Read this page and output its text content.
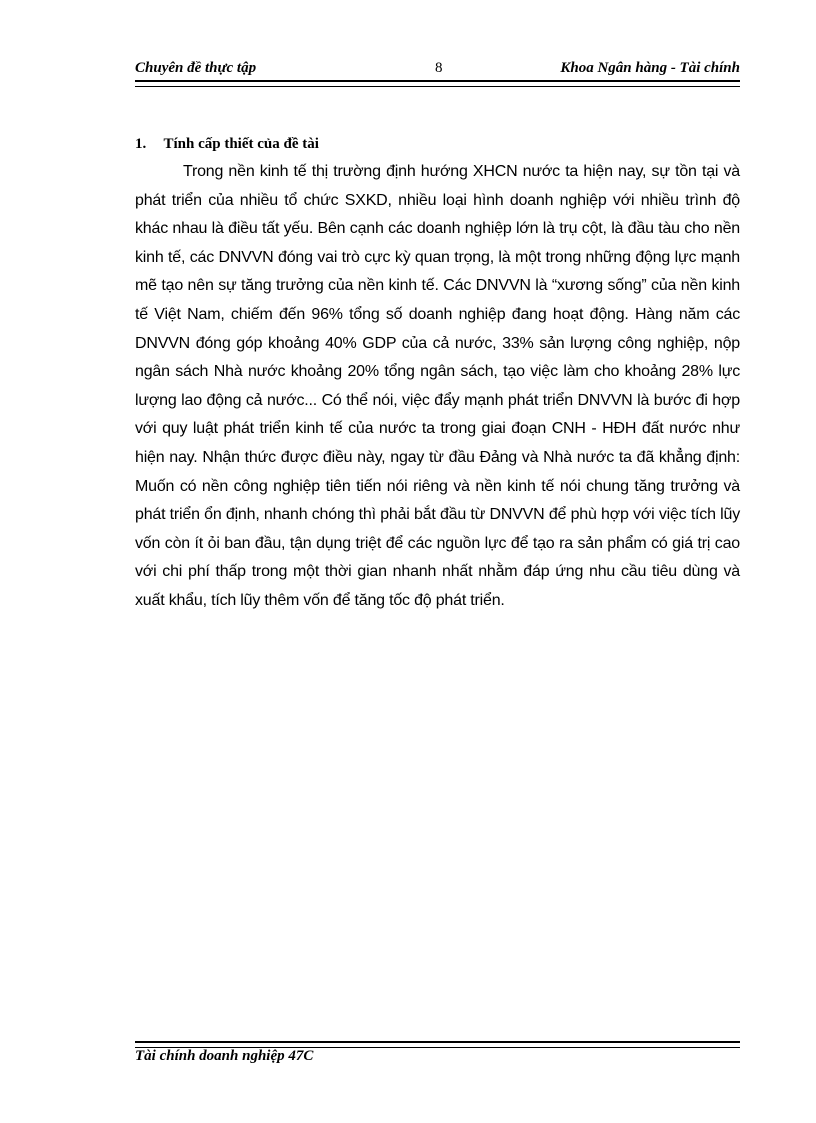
Chuyên đề thực tập	8	Khoa Ngân hàng - Tài chính
1. Tính cấp thiết của đề tài

Trong nền kinh tế thị trường định hướng XHCN nước ta hiện nay, sự tồn tại và phát triển của nhiều tổ chức SXKD, nhiều loại hình doanh nghiệp với nhiều trình độ khác nhau là điều tất yếu. Bên cạnh các doanh nghiệp lớn là trụ cột, là đầu tàu cho nền kinh tế, các DNVVN đóng vai trò cực kỳ quan trọng, là một trong những động lực mạnh mẽ tạo nên sự tăng trưởng của nền kinh tế. Các DNVVN là “xương sống” của nền kinh tế Việt Nam, chiếm đến 96% tổng số doanh nghiệp đang hoạt động. Hàng năm các DNVVN đóng góp khoảng 40% GDP của cả nước, 33% sản lượng công nghiệp, nộp ngân sách Nhà nước khoảng 20% tổng ngân sách, tạo việc làm cho khoảng 28% lực lượng lao động cả nước... Có thể nói, việc đẩy mạnh phát triển DNVVN là bước đi hợp với quy luật phát triển kinh tế của nước ta trong giai đoạn CNH - HĐH đất nước như hiện nay. Nhận thức được điều này, ngay từ đầu Đảng và Nhà nước ta đã khẳng định: Muốn có nền công nghiệp tiên tiến nói riêng và nền kinh tế nói chung tăng trưởng và phát triển ổn định, nhanh chóng thì phải bắt đầu từ DNVVN để phù hợp với việc tích lũy vốn còn ít ỏi ban đầu, tận dụng triệt để các nguồn lực để tạo ra sản phẩm có giá trị cao với chi phí thấp trong một thời gian nhanh nhất nhằm đáp ứng nhu cầu tiêu dùng và xuất khẩu, tích lũy thêm vốn để tăng tốc độ phát triển.

Tài chính doanh nghiệp 47C
